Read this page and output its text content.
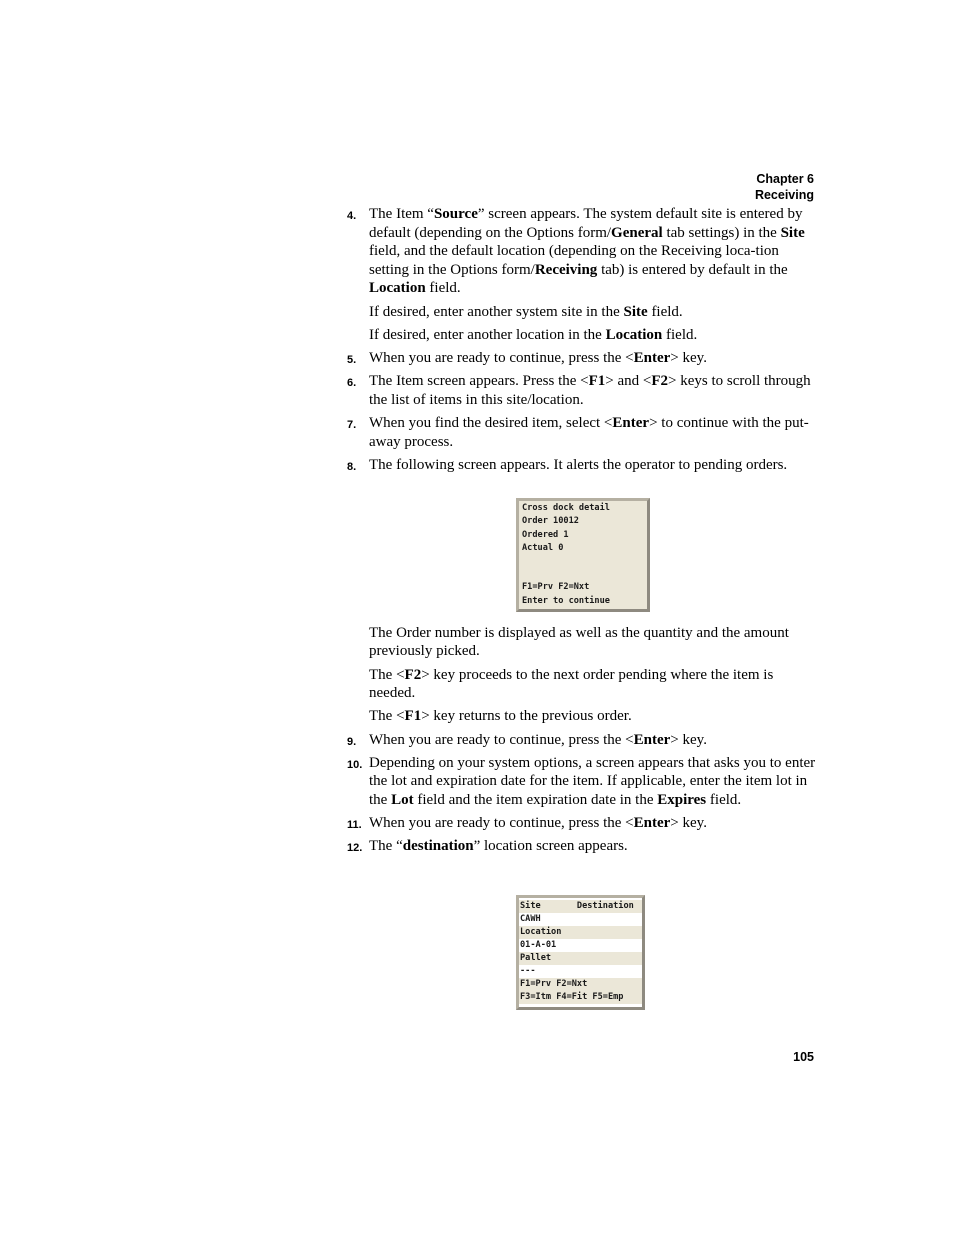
Chapter 6
Receiving
4. The Item “Source” screen appears. The system default site is entered by default (depending on the Options form/General tab settings) in the Site field, and the default location (depending on the Receiving loca-tion setting in the Options form/Receiving tab) is entered by default in the Location field.
If desired, enter another system site in the Site field.
If desired, enter another location in the Location field.
5. When you are ready to continue, press the <Enter> key.
6. The Item screen appears. Press the <F1> and <F2> keys to scroll through the list of items in this site/location.
7. When you find the desired item, select <Enter> to continue with the put-away process.
8. The following screen appears. It alerts the operator to pending orders.
The Order number is displayed as well as the quantity and the amount previously picked.
The <F2> key proceeds to the next order pending where the item is needed.
The <F1> key returns to the previous order.
9. When you are ready to continue, press the <Enter> key.
10. Depending on your system options, a screen appears that asks you to enter the lot and expiration date for the item. If applicable, enter the item lot in the Lot field and the item expiration date in the Expires field.
11. When you are ready to continue, press the <Enter> key.
12. The “destination” location screen appears.
Cross dock detail
Order 10012
Ordered 1
Actual 0
F1=Prv F2=Nxt
Enter to continue
Site       Destination
CAWH
Location
01-A-01
Pallet
---
F1=Prv F2=Nxt
F3=Itm F4=Fit F5=Emp
105
